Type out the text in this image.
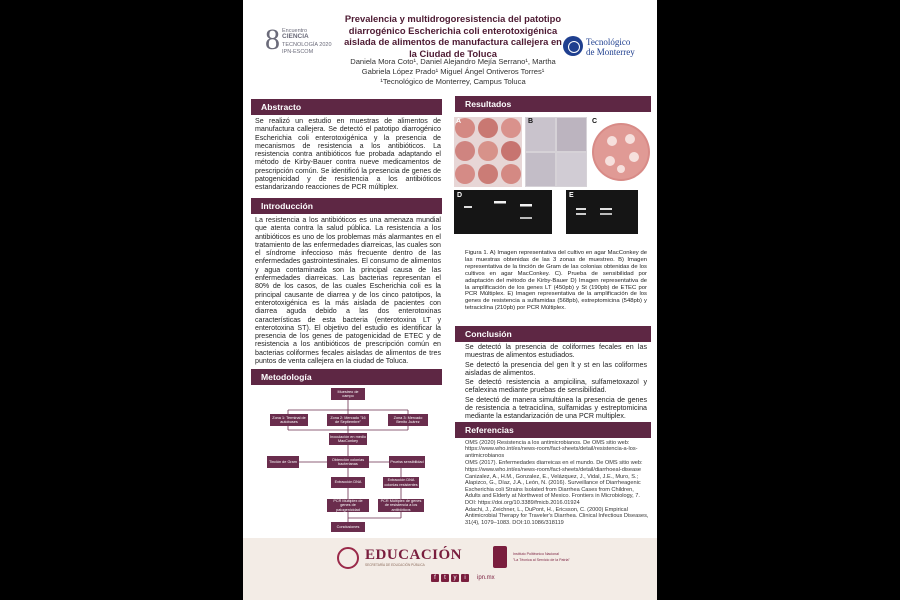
8 Encuentro
CIENCIA
TECNOLOGÍA 2020
IPN-ESCOM
Prevalencia y multidrogoresistencia del patotipo diarrogénico Escherichia coli enterotoxigénica aislada de alimentos de manufactura callejera en la Ciudad de Toluca
Daniela Mora Coto¹, Daniel Alejandro Mejía Serrano¹, Martha Gabriela López Prado¹ Miguel Ángel Ontiveros Torres¹
¹Tecnológico de Monterrey, Campus Toluca
Tecnológico
de Monterrey
Abstracto
Se realizó un estudio en muestras de alimentos de manufactura callejera. Se detectó el patotipo diarrogénico Escherichia coli enterotoxigénica y la presencia de mecanismos de resistencia a los antibióticos. La resistencia contra antibióticos fue probada adaptando el método de Kirby-Bauer contra nueve medicamentos de prescripción común. Se identificó la presencia de genes de patogenicidad y de resistencia a los antibióticos estandarizando reacciones de PCR múltiplex.
Introducción
La resistencia a los antibióticos es una amenaza mundial que atenta contra la salud pública. La resistencia a los antibióticos es uno de los problemas más alarmantes en el tratamiento de las enfermedades diarreicas, las cuales son el síndrome infeccioso más frecuente dentro de las enfermedades gastrointestinales. El consumo de alimentos y agua contaminada son la principal causa de las enfermedades diarreicas. Las bacterias representan el 80% de los casos, de las cuales Escherichia coli es la principal causante de diarrea y de los cinco patotipos, la enterotoxigénica es la más aislada de pacientes con diarrea aguda debido a las dos enterotoxinas características de esta bacteria (enterotoxina LT y enterotoxina ST). El objetivo del estudio es identificar la presencia de los genes de patogenicidad de ETEC y de resistencia a los antibióticos de prescripción común en bacterias coliformes fecales aisladas de alimentos de tres puntos de venta callejera en la ciudad de Toluca.
Metodología
Muestreo de campo
Zona 1: Terminal de autobuses
Zona 2: Mercado "16 de Septiembre"
Zona 3: Mercado Benito Juárez
Inoculación en medio MacConkey
Tinción de Gram
Obtención colonias bacterianas
Prueba sensibilidad
Extracción DNA
Extracción DNA colonias resistentes
PCR Múltiplex de genes de patogenicidad
PCR Múltiplex de genes de resistencia a los antibióticos
Conclusiones
Resultados
A	B	C
D	E
Figura 1. A) Imagen representativa del cultivo en agar MacConkey de las muestras obtenidas de las 3 zonas de muestreo. B) Imagen representativa de la tinción de Gram de las colonias obtenidas de los cultivos en agar MacConkey. C). Prueba de sensibilidad por adaptación del método de Kirby-Bauer D) Imagen representativa de la amplificación de los genes LT (450pb) y St (190pb) de ETEC por PCR Múltiplex. E) Imagen representativa de la amplificación de los genes de resistencia a sulfamidas (568pb), estreptomicina (548pb) y tetraciclina (210pb) por PCR Múltiplex.
Conclusión

Se detectó la presencia de coliformes fecales en las muestras de alimentos estudiados.

Se detectó la presencia del gen lt y st en las coliformes aisladas de alimentos.

Se detectó resistencia a ampicilina, sulfametoxazol y cefalexina mediante pruebas de sensibilidad.

Se detectó de manera simultánea la presencia de genes de resistencia a tetraciclina, sulfamidas y estreptomicina mediante la estandarización de una PCR multiplex.

Referencias

OMS (2020) Resistencia a los antimicrobianos. De OMS sitio web: https://www.who.int/es/news-room/fact-sheets/detail/resistencia-a-los-antimicrobianos

OMS (2017). Enfermedades diarreicas en el mundo. De OMS sitio web: https://www.who.int/es/news-room/fact-sheets/detail/diarrhoeal-disease

Canizalez, A., H.M., Gonzalez, E., Velázquez, J., Vidal, J.E., Muro, S.; Alapizco, G., Díaz, J.A., León, N. (2016). Surveillance of Diarrheagenic Escherichia coli Strains Isolated from Diarrhea Cases from Children, Adults and Elderly at Northwest of Mexico. Frontiers in Microbiology, 7. DOI: https://doi.org/10.3389/fmicb.2016.01924

Adachi, J., Zeichner, L., DuPont, H., Ericsson, C. (2000) Empirical Antimicrobial Therapy for Traveler's Diarrhea. Clinical Infectious Diseases, 31(4), 1079–1083. DOI:10.1086/318119

EDUCACIÓN
SECRETARÍA DE EDUCACIÓN PÚBLICA
Instituto Politécnico Nacional
"La Técnica al Servicio de la Patria"
f	t	y	i	ipn.mx
